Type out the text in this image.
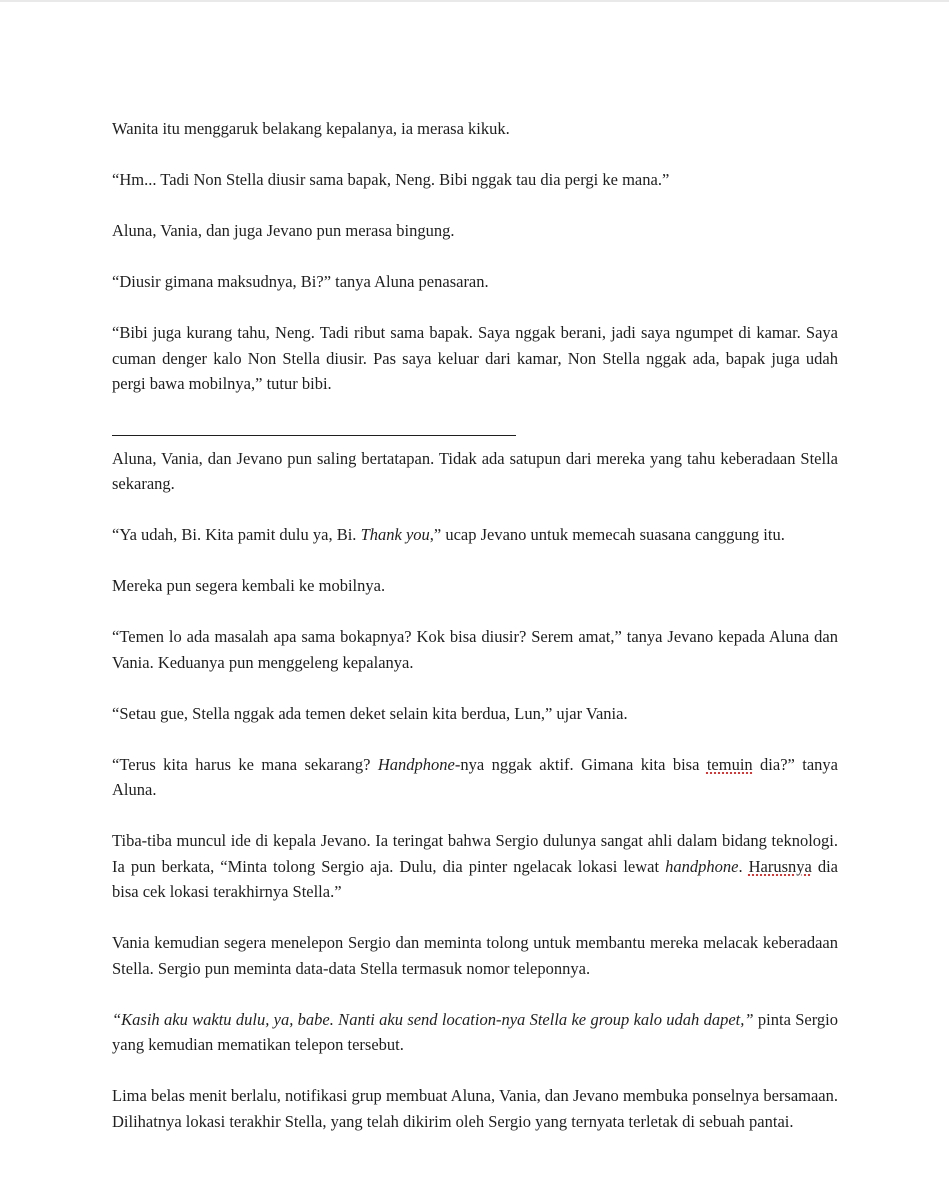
Wanita itu menggaruk belakang kepalanya, ia merasa kikuk.

“Hm... Tadi Non Stella diusir sama bapak, Neng. Bibi nggak tau dia pergi ke mana.”

Aluna, Vania, dan juga Jevano pun merasa bingung.

“Diusir gimana maksudnya, Bi?” tanya Aluna penasaran.

“Bibi juga kurang tahu, Neng. Tadi ribut sama bapak. Saya nggak berani, jadi saya ngumpet di kamar. Saya cuman denger kalo Non Stella diusir. Pas saya keluar dari kamar, Non Stella nggak ada, bapak juga udah pergi bawa mobilnya,” tutur bibi.

Aluna, Vania, dan Jevano pun saling bertatapan. Tidak ada satupun dari mereka yang tahu keberadaan Stella sekarang.

“Ya udah, Bi. Kita pamit dulu ya, Bi. Thank you,” ucap Jevano untuk memecah suasana canggung itu.

Mereka pun segera kembali ke mobilnya.

“Temen lo ada masalah apa sama bokapnya? Kok bisa diusir? Serem amat,” tanya Jevano kepada Aluna dan Vania. Keduanya pun menggeleng kepalanya.

“Setau gue, Stella nggak ada temen deket selain kita berdua, Lun,” ujar Vania.

“Terus kita harus ke mana sekarang? Handphone-nya nggak aktif. Gimana kita bisa temuin dia?” tanya Aluna.

Tiba-tiba muncul ide di kepala Jevano. Ia teringat bahwa Sergio dulunya sangat ahli dalam bidang teknologi. Ia pun berkata, “Minta tolong Sergio aja. Dulu, dia pinter ngelacak lokasi lewat handphone. Harusnya dia bisa cek lokasi terakhirnya Stella.”

Vania kemudian segera menelepon Sergio dan meminta tolong untuk membantu mereka melacak keberadaan Stella. Sergio pun meminta data-data Stella termasuk nomor teleponnya.

“Kasih aku waktu dulu, ya, babe. Nanti aku send location-nya Stella ke group kalo udah dapet,” pinta Sergio yang kemudian mematikan telepon tersebut.

Lima belas menit berlalu, notifikasi grup membuat Aluna, Vania, dan Jevano membuka ponselnya bersamaan. Dilihatnya lokasi terakhir Stella, yang telah dikirim oleh Sergio yang ternyata terletak di sebuah pantai.
